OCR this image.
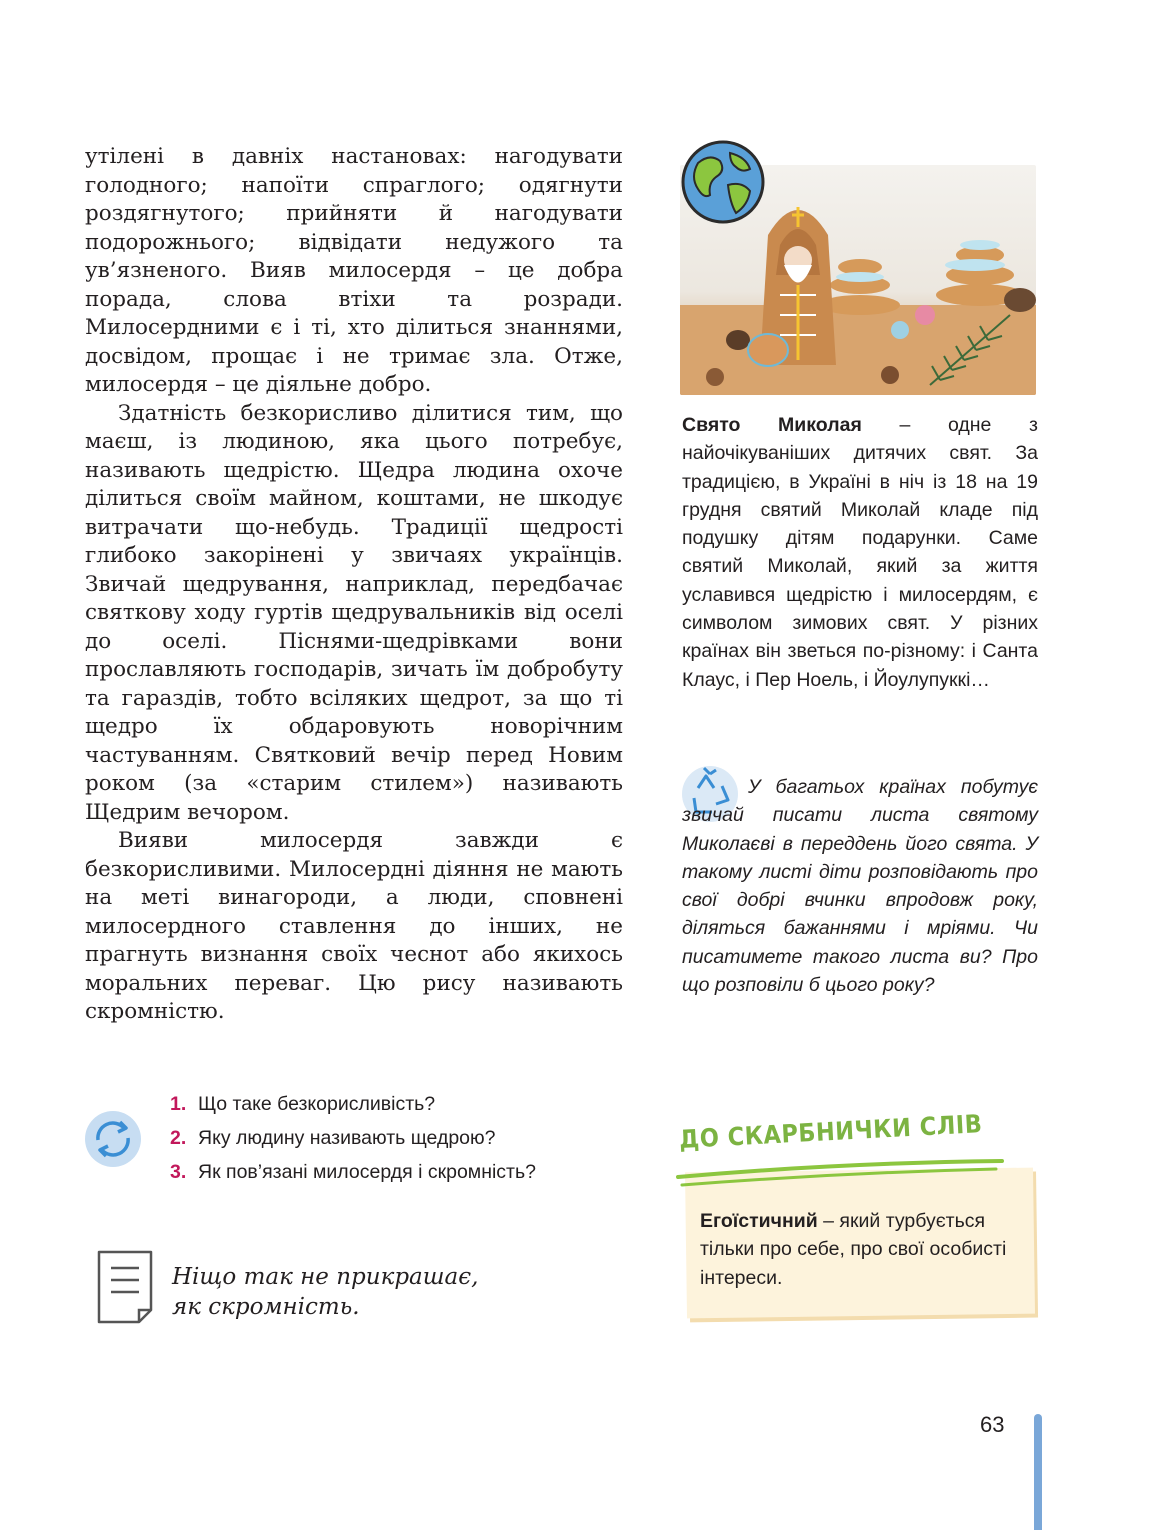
утілені в давніх настановах: нагодувати голодного; напоїти спраглого; одягнути роздягнутого; прийняти й нагодувати подорожнього; відвідати недужого та ув’язненого. Вияв милосердя – це добра порада, слова втіхи та розради. Милосердними є і ті, хто ділиться знаннями, досвідом, прощає і не тримає зла. Отже, милосердя – це діяльне добро.

Здатність безкорисливо ділитися тим, що маєш, із людиною, яка цього потребує, називають щедрістю. Щедра людина охоче ділиться своїм майном, коштами, не шкодує витрачати що-небудь. Традиції щедрості глибоко закорінені у звичаях українців. Звичай щедрування, наприклад, передбачає святкову ходу гуртів щедрувальників від оселі до оселі. Піснями-щедрівками вони прославляють господарів, зичать їм добробуту та гараздів, тобто всіляких щедрот, за що ті щедро їх обдаровують новорічним частуванням. Святковий вечір перед Новим роком (за «старим стилем») називають Щедрим вечором.

Вияви милосердя завжди є безкорисливими. Милосердні діяння не мають на меті винагороди, а люди, сповнені милосердного ставлення до інших, не прагнуть визнання своїх чеснот або якихось моральних переваг. Цю рису називають скромністю.

Свято Миколая – одне з найочікуваніших дитячих свят. За традицією, в Україні в ніч із 18 на 19 грудня святий Миколай кладе під подушку дітям подарунки. Саме святий Миколай, який за життя уславився щедрістю і милосердям, є символом зимових свят. У різних країнах він зветься по-різному: і Санта Клаус, і Пер Ноель, і Йоулупуккі…
У багатьох країнах побутує звичай писати листа святому Миколаєві в переддень його свята. У такому листі діти розповідають про свої добрі вчинки впродовж року, діляться бажаннями і мріями. Чи писатимете такого листа ви? Про що розповіли б цього року?
1. Що таке безкорисливість?
2. Яку людину називають щедрою?
3. Як пов’язані милосердя і скромність?
Ніщо так не прикрашає,
як скромність.
ДО СКАРБНИЧКИ СЛІВ
Егоїстичний – який турбується тільки про себе, про свої особисті інтереси.
63
